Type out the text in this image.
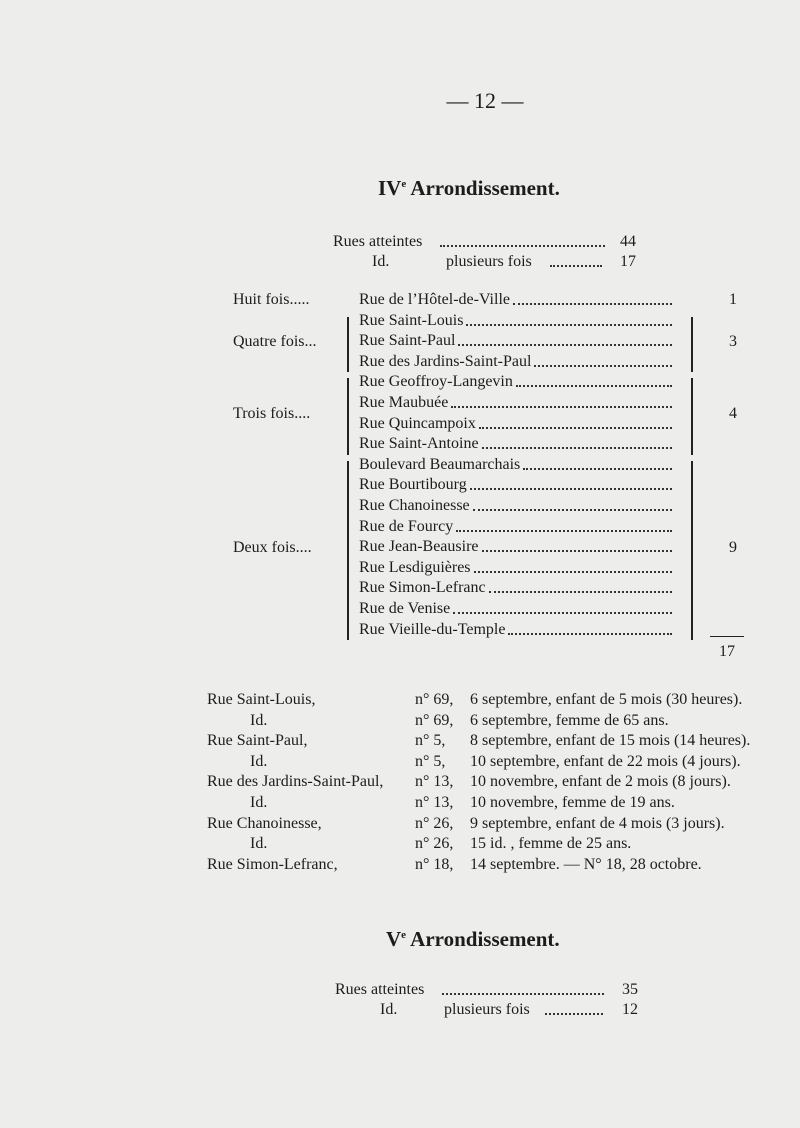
— 12 —
IVe Arrondissement.
Rues atteintes	44
Id.	plusieurs fois	17
Rue de l’Hôtel-de-Ville
Huit fois.....	1
Rue Saint-Louis
Rue Saint-Paul
Rue des Jardins-Saint-Paul
Quatre fois...	3
Rue Geoffroy-Langevin
Rue Maubuée
Rue Quincampoix
Rue Saint-Antoine
Trois fois....	4
Boulevard Beaumarchais
Rue Bourtibourg
Rue Chanoinesse
Rue de Fourcy
Rue Jean-Beausire
Rue Lesdiguières
Rue Simon-Lefranc
Rue de Venise
Rue Vieille-du-Temple
Deux fois....	9
17
Rue Saint-Louis,	n° 69, 6 septembre, enfant de 5 mois (30 heures).
Id.	n° 69, 6 septembre, femme de 65 ans.
Rue Saint-Paul,	n° 5, 8 septembre, enfant de 15 mois (14 heures).
Id.	n° 5, 10 septembre, enfant de 22 mois (4 jours).
Rue des Jardins-Saint-Paul, n° 13, 10 novembre, enfant de 2 mois (8 jours).
Id.	n° 13, 10 novembre, femme de 19 ans.
Rue Chanoinesse,	n° 26, 9 septembre, enfant de 4 mois (3 jours).
Id.	n° 26, 15 id. , femme de 25 ans.
Rue Simon-Lefranc,	n° 18, 14 septembre. — N° 18, 28 octobre.
Ve Arrondissement.
Rues atteintes	35
Id.	plusieurs fois	12
